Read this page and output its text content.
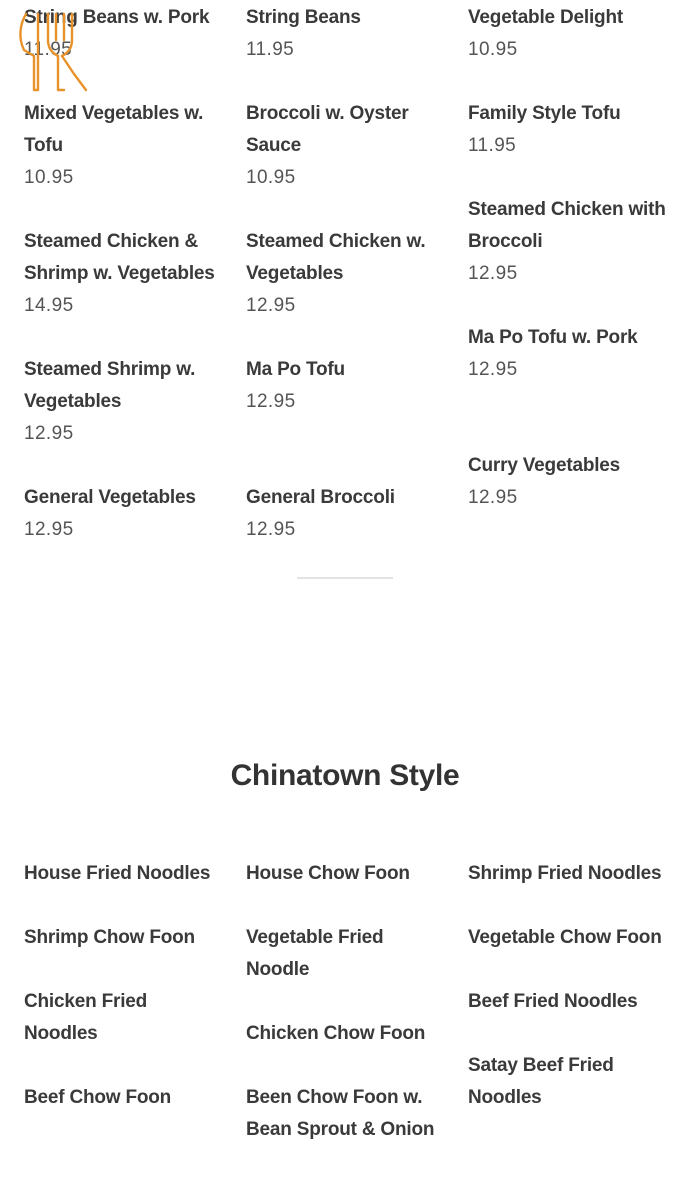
String Beans w. Pork
11.95
Mixed Vegetables w. Tofu
10.95
Steamed Chicken & Shrimp w. Vegetables
14.95
Steamed Shrimp w. Vegetables
12.95
General Vegetables
12.95
String Beans
11.95
Broccoli w. Oyster Sauce
10.95
Steamed Chicken w. Vegetables
12.95
Ma Po Tofu
12.95
General Broccoli
12.95
Vegetable Delight
10.95
Family Style Tofu
11.95
Steamed Chicken with Broccoli
12.95
Ma Po Tofu w. Pork
12.95
Curry Vegetables
12.95
Chinatown Style
House Fried Noodles
Shrimp Chow Foon
Chicken Fried Noodles
Beef Chow Foon
House Chow Foon
Vegetable Fried Noodle
Chicken Chow Foon
Been Chow Foon w. Bean Sprout & Onion
Shrimp Fried Noodles
Vegetable Chow Foon
Beef Fried Noodles
Satay Beef Fried Noodles
